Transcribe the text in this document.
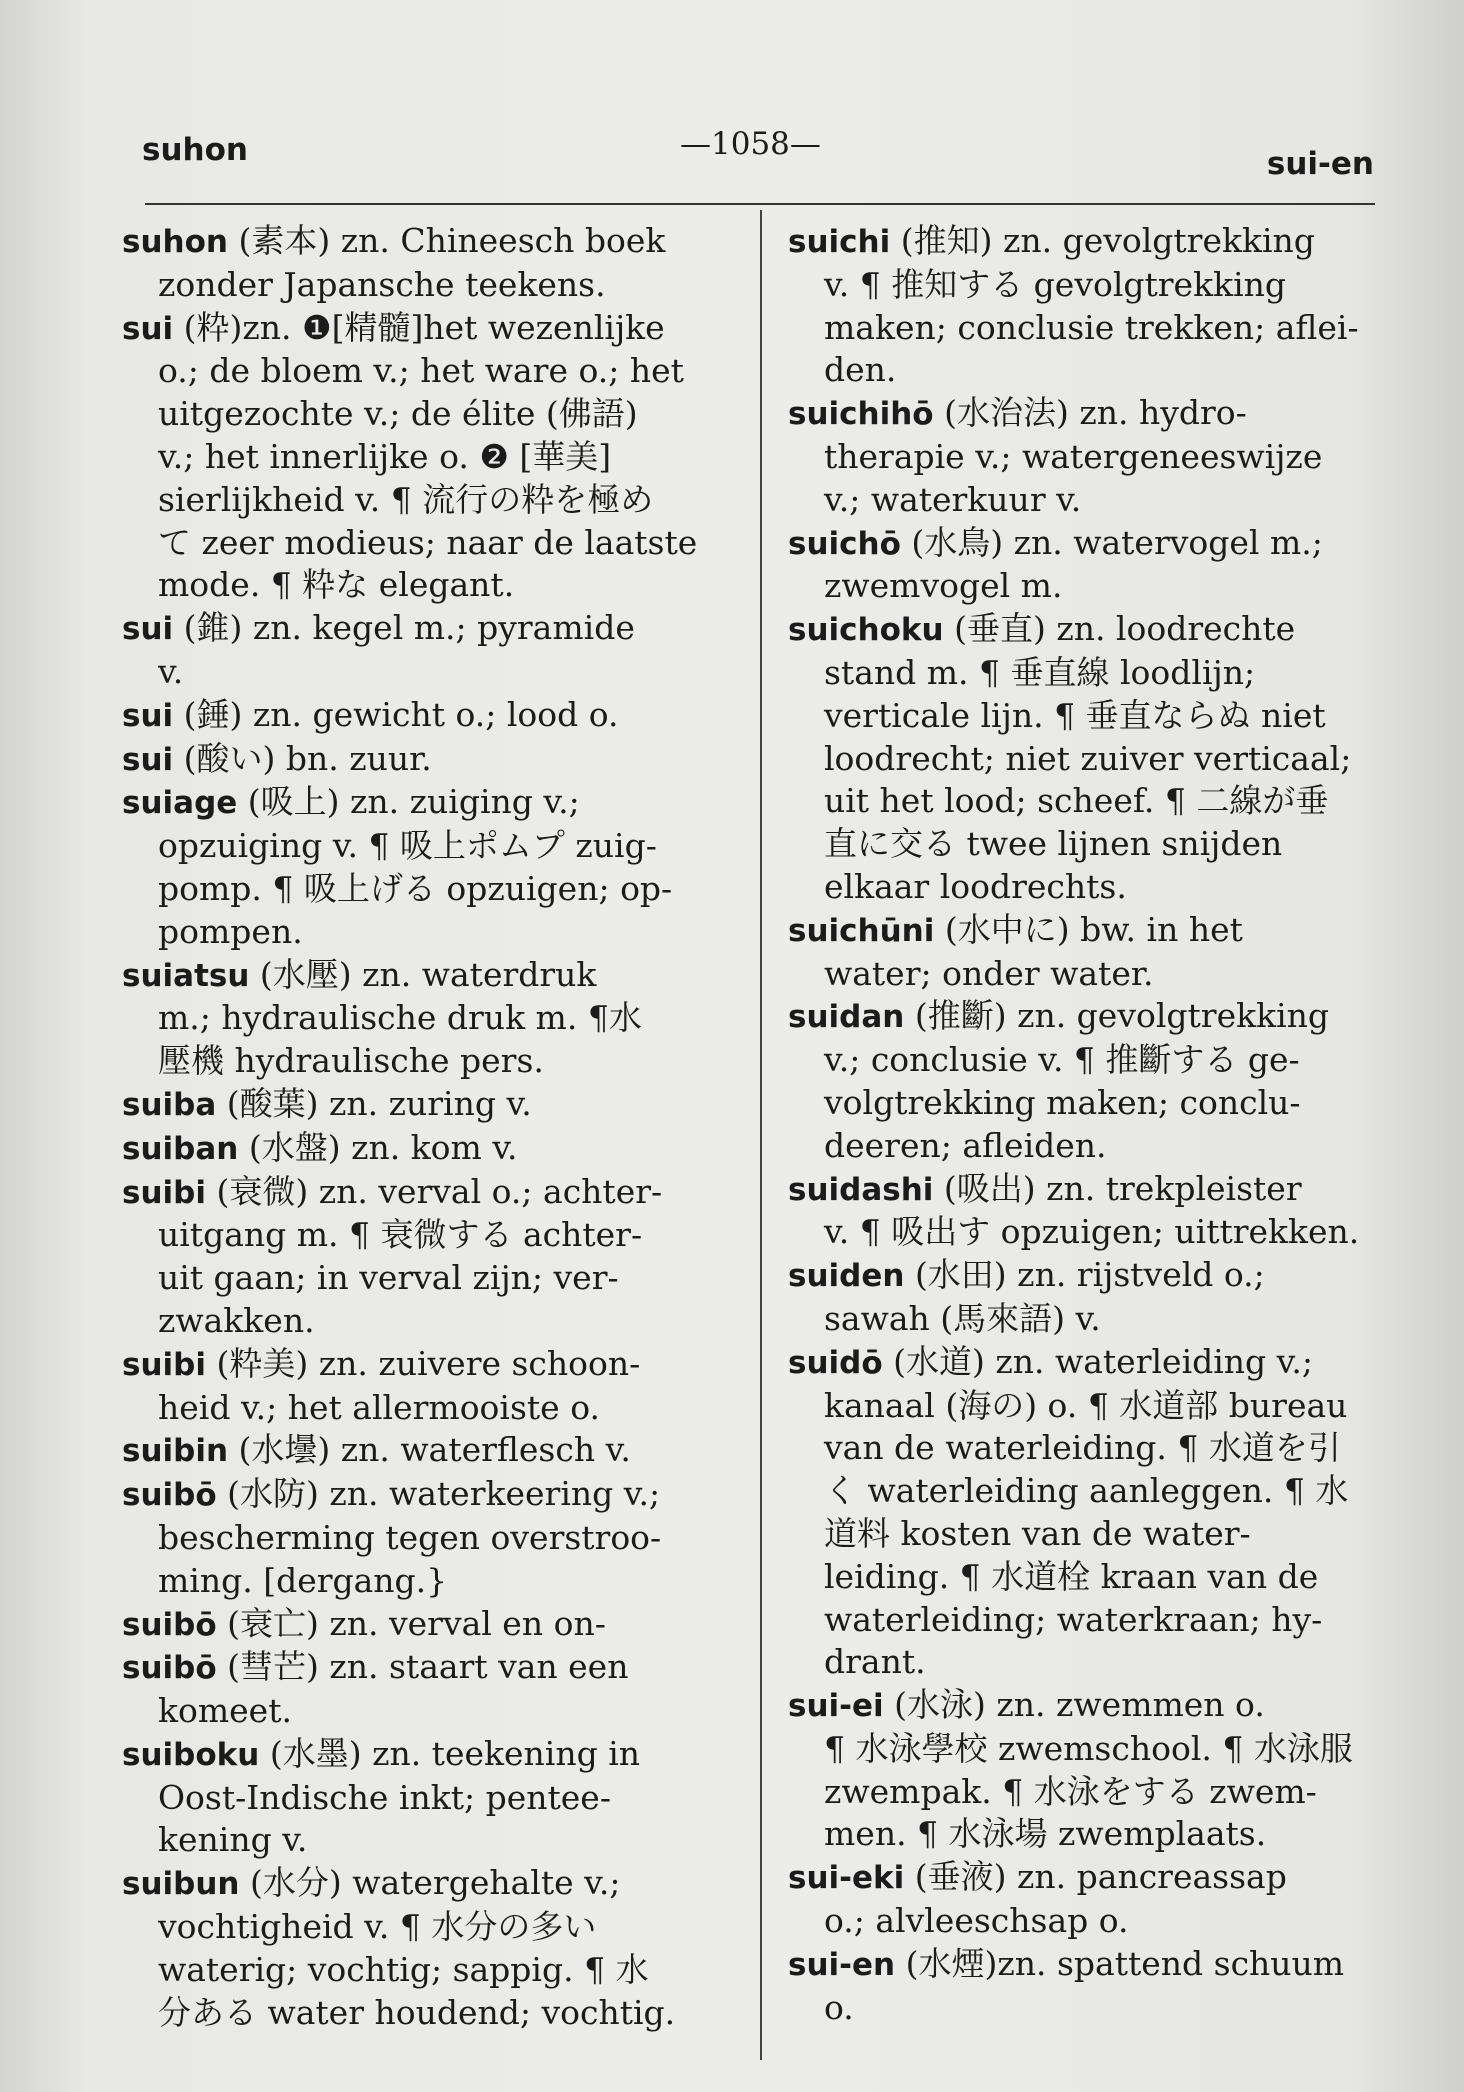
suhon	—1058—
sui-en
suhon (素本) zn. Chineesch boek
zonder Japansche teekens.
sui (粋)zn. ❶[精髓]het wezenlijke
o.; de bloem v.; het ware o.; het
uitgezochte v.; de élite (佛語)
v.; het innerlijke o. ❷ [華美]
sierlijkheid v. ¶ 流行の粋を極め
て zeer modieus; naar de laatste
mode. ¶ 粋な elegant.
sui (錐) zn. kegel m.; pyramide
v.
sui (錘) zn. gewicht o.; lood o.
sui (酸い) bn. zuur.
suiage (吸上) zn. zuiging v.;
opzuiging v. ¶ 吸上ポムプ zuig-
pomp. ¶ 吸上げる opzuigen; op-
pompen.
suiatsu (水壓) zn. waterdruk
m.; hydraulische druk m. ¶水
壓機 hydraulische pers.
suiba (酸葉) zn. zuring v.
suiban (水盤) zn. kom v.
suibi (衰微) zn. verval o.; achter-
uitgang m. ¶ 衰微する achter-
uit gaan; in verval zijn; ver-
zwakken.
suibi (粋美) zn. zuivere schoon-
heid v.; het allermooiste o.
suibin (水壜) zn. waterflesch v.
suibō (水防) zn. waterkeering v.;
bescherming tegen overstroo-
ming. [dergang.}
suibō (衰亡) zn. verval en on-
suibō (彗芒) zn. staart van een
komeet.
suiboku (水墨) zn. teekening in
Oost-Indische inkt; pentee-
kening v.
suibun (水分) watergehalte v.;
vochtigheid v. ¶ 水分の多い
waterig; vochtig; sappig. ¶ 水
分ある water houdend; vochtig.
suichi (推知) zn. gevolgtrekking
v. ¶ 推知する gevolgtrekking
maken; conclusie trekken; aflei-
den.
suichihō (水治法) zn. hydro-
therapie v.; watergeneeswijze
v.; waterkuur v.
suichō (水鳥) zn. watervogel m.;
zwemvogel m.
suichoku (垂直) zn. loodrechte
stand m. ¶ 垂直線 loodlijn;
verticale lijn. ¶ 垂直ならぬ niet
loodrecht; niet zuiver verticaal;
uit het lood; scheef. ¶ 二線が垂
直に交る twee lijnen snijden
elkaar loodrechts.
suichūni (水中に) bw. in het
water; onder water.
suidan (推斷) zn. gevolgtrekking
v.; conclusie v. ¶ 推斷する ge-
volgtrekking maken; conclu-
deeren; afleiden.
suidashi (吸出) zn. trekpleister
v. ¶ 吸出す opzuigen; uittrekken.
suiden (水田) zn. rijstveld o.;
sawah (馬來語) v.
suidō (水道) zn. waterleiding v.;
kanaal (海の) o. ¶ 水道部 bureau
van de waterleiding. ¶ 水道を引
く waterleiding aanleggen. ¶ 水
道料 kosten van de water-
leiding. ¶ 水道栓 kraan van de
waterleiding; waterkraan; hy-
drant.
sui-ei (水泳) zn. zwemmen o.
¶ 水泳學校 zwemschool. ¶ 水泳服
zwempak. ¶ 水泳をする zwem-
men. ¶ 水泳場 zwemplaats.
sui-eki (垂液) zn. pancreassap
o.; alvleeschsap o.
sui-en (水煙)zn. spattend schuum
o.
